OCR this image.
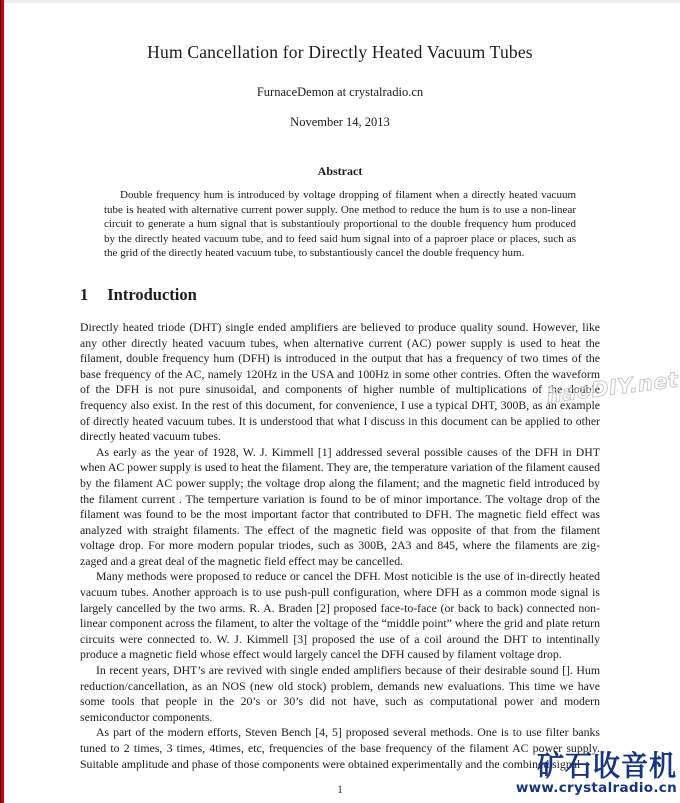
Hum Cancellation for Directly Heated Vacuum Tubes
FurnaceDemon at crystalradio.cn
November 14, 2013
Abstract

Double frequency hum is introduced by voltage dropping of filament when a directly heated vacuum tube is heated with alternative current power supply. One method to reduce the hum is to use a non-linear circuit to generate a hum signal that is substantiouly proportional to the double frequency hum produced by the directly heated vacuum tube, and to feed said hum signal into of a paproer place or places, such as the grid of the directly heated vacuum tube, to substantiously cancel the double frequency hum.

1 Introduction

Directly heated triode (DHT) single ended amplifiers are believed to produce quality sound. However, like any other directly heated vacuum tubes, when alternative current (AC) power supply is used to heat the filament, double frequency hum (DFH) is introduced in the output that has a frequency of two times of the base frequency of the AC, namely 120Hz in the USA and 100Hz in some other contries. Often the waveform of the DFH is not pure sinusoidal, and components of higher numble of multiplications of the double frequency also exist. In the rest of this document, for convenience, I use a typical DHT, 300B, as an example of directly heated vacuum tubes. It is understood that what I discuss in this document can be applied to other directly heated vacuum tubes.

As early as the year of 1928, W. J. Kimmell [1] addressed several possible causes of the DFH in DHT when AC power supply is used to heat the filament. They are, the temperature variation of the filament caused by the filament AC power supply; the voltage drop along the filament; and the magnetic field introduced by the filament current . The temperture variation is found to be of minor importance. The voltage drop of the filament was found to be the most important factor that contributed to DFH. The magnetic field effect was analyzed with straight filaments. The effect of the magnetic field was opposite of that from the filament voltage drop. For more modern popular triodes, such as 300B, 2A3 and 845, where the filaments are zig-zaged and a great deal of the magnetic field effect may be cancelled.

Many methods were proposed to reduce or cancel the DFH. Most noticible is the use of in-directly heated vacuum tubes. Another approach is to use push-pull configuration, where DFH as a common mode signal is largely cancelled by the two arms. R. A. Braden [2] proposed face-to-face (or back to back) connected non-linear component across the filament, to alter the voltage of the “middle point” where the grid and plate return circuits were connected to. W. J. Kimmell [3] proposed the use of a coil around the DHT to intentinally produce a magnetic field whose effect would largely cancel the DFH caused by filament voltage drop.

In recent years, DHT’s are revived with single ended amplifiers because of their desirable sound []. Hum reduction/cancellation, as an NOS (new old stock) problem, demands new evaluations. This time we have some tools that people in the 20’s or 30’s did not have, such as computational power and modern semiconductor components.

As part of the modern efforts, Steven Bench [4, 5] proposed several methods. One is to use filter banks tuned to 2 times, 3 times, 4times, etc, frequencies of the base frequency of the filament AC power supply. Suitable amplitude and phase of those components were obtained experimentally and the combined signal

haoDIY.net
1
矿石收音机
www.crystalradio.cn
